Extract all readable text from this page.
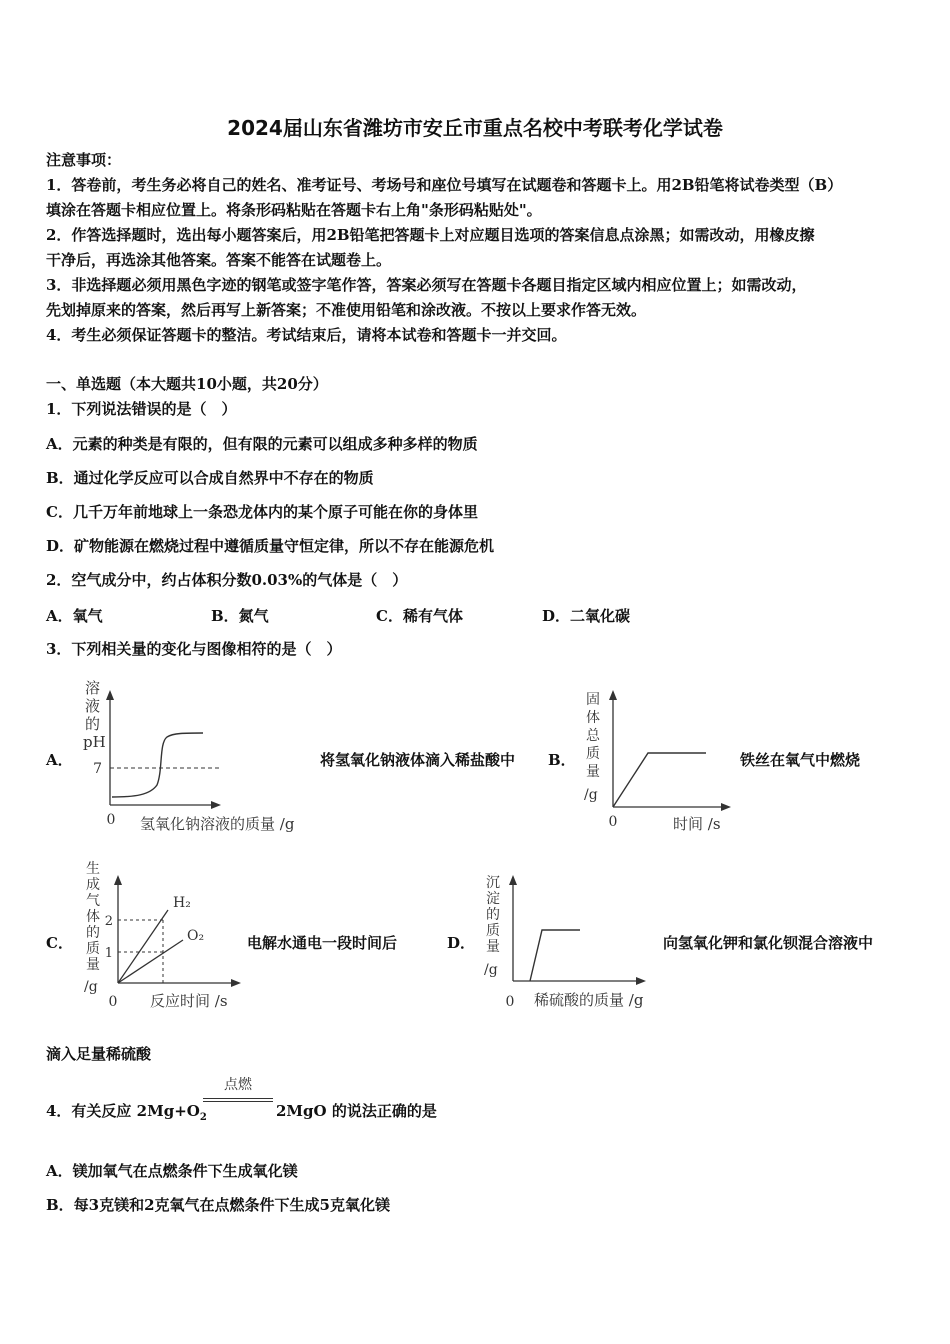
2024届山东省潍坊市安丘市重点名校中考联考化学试卷
注意事项：
1．答卷前，考生务必将自己的姓名、准考证号、考场号和座位号填写在试题卷和答题卡上。用2B铅笔将试卷类型（B）
填涂在答题卡相应位置上。将条形码粘贴在答题卡右上角"条形码粘贴处"。
2．作答选择题时，选出每小题答案后，用2B铅笔把答题卡上对应题目选项的答案信息点涂黑；如需改动，用橡皮擦
干净后，再选涂其他答案。答案不能答在试题卷上。
3．非选择题必须用黑色字迹的钢笔或签字笔作答，答案必须写在答题卡各题目指定区域内相应位置上；如需改动，
先划掉原来的答案，然后再写上新答案；不准使用铅笔和涂改液。不按以上要求作答无效。
4．考生必须保证答题卡的整洁。考试结束后，请将本试卷和答题卡一并交回。
一、单选题（本大题共10小题，共20分）
1．下列说法错误的是（　）
A．元素的种类是有限的，但有限的元素可以组成多种多样的物质
B．通过化学反应可以合成自然界中不存在的物质
C．几千万年前地球上一条恐龙体内的某个原子可能在你的身体里
D．矿物能源在燃烧过程中遵循质量守恒定律，所以不存在能源危机
2．空气成分中，约占体积分数0.03%的气体是（　）
A．氧气	B．氮气	C．稀有气体	D．二氧化碳
3．下列相关量的变化与图像相符的是（　）
A．
溶
液
的
pH
7
0 氢氧化钠溶液的质量 /g
将氢氧化钠液体滴入稀盐酸中 B．
固
体
总
质
量
/g
0	时间 /s
铁丝在氧气中燃烧
C．
生
成
气
体
的
质
量
/g
2
1
H₂
O₂
0 反应时间 /s
电解水通电一段时间后	D．
沉
淀
的
质
量
/g
0 稀硫酸的质量 /g
向氢氧化钾和氯化钡混合溶液中
滴入足量稀硫酸
点燃
4．有关反应 $2Mg+O_2$	2MgO 的说法正确的是
A．镁加氧气在点燃条件下生成氧化镁
B．每3克镁和2克氧气在点燃条件下生成5克氧化镁
